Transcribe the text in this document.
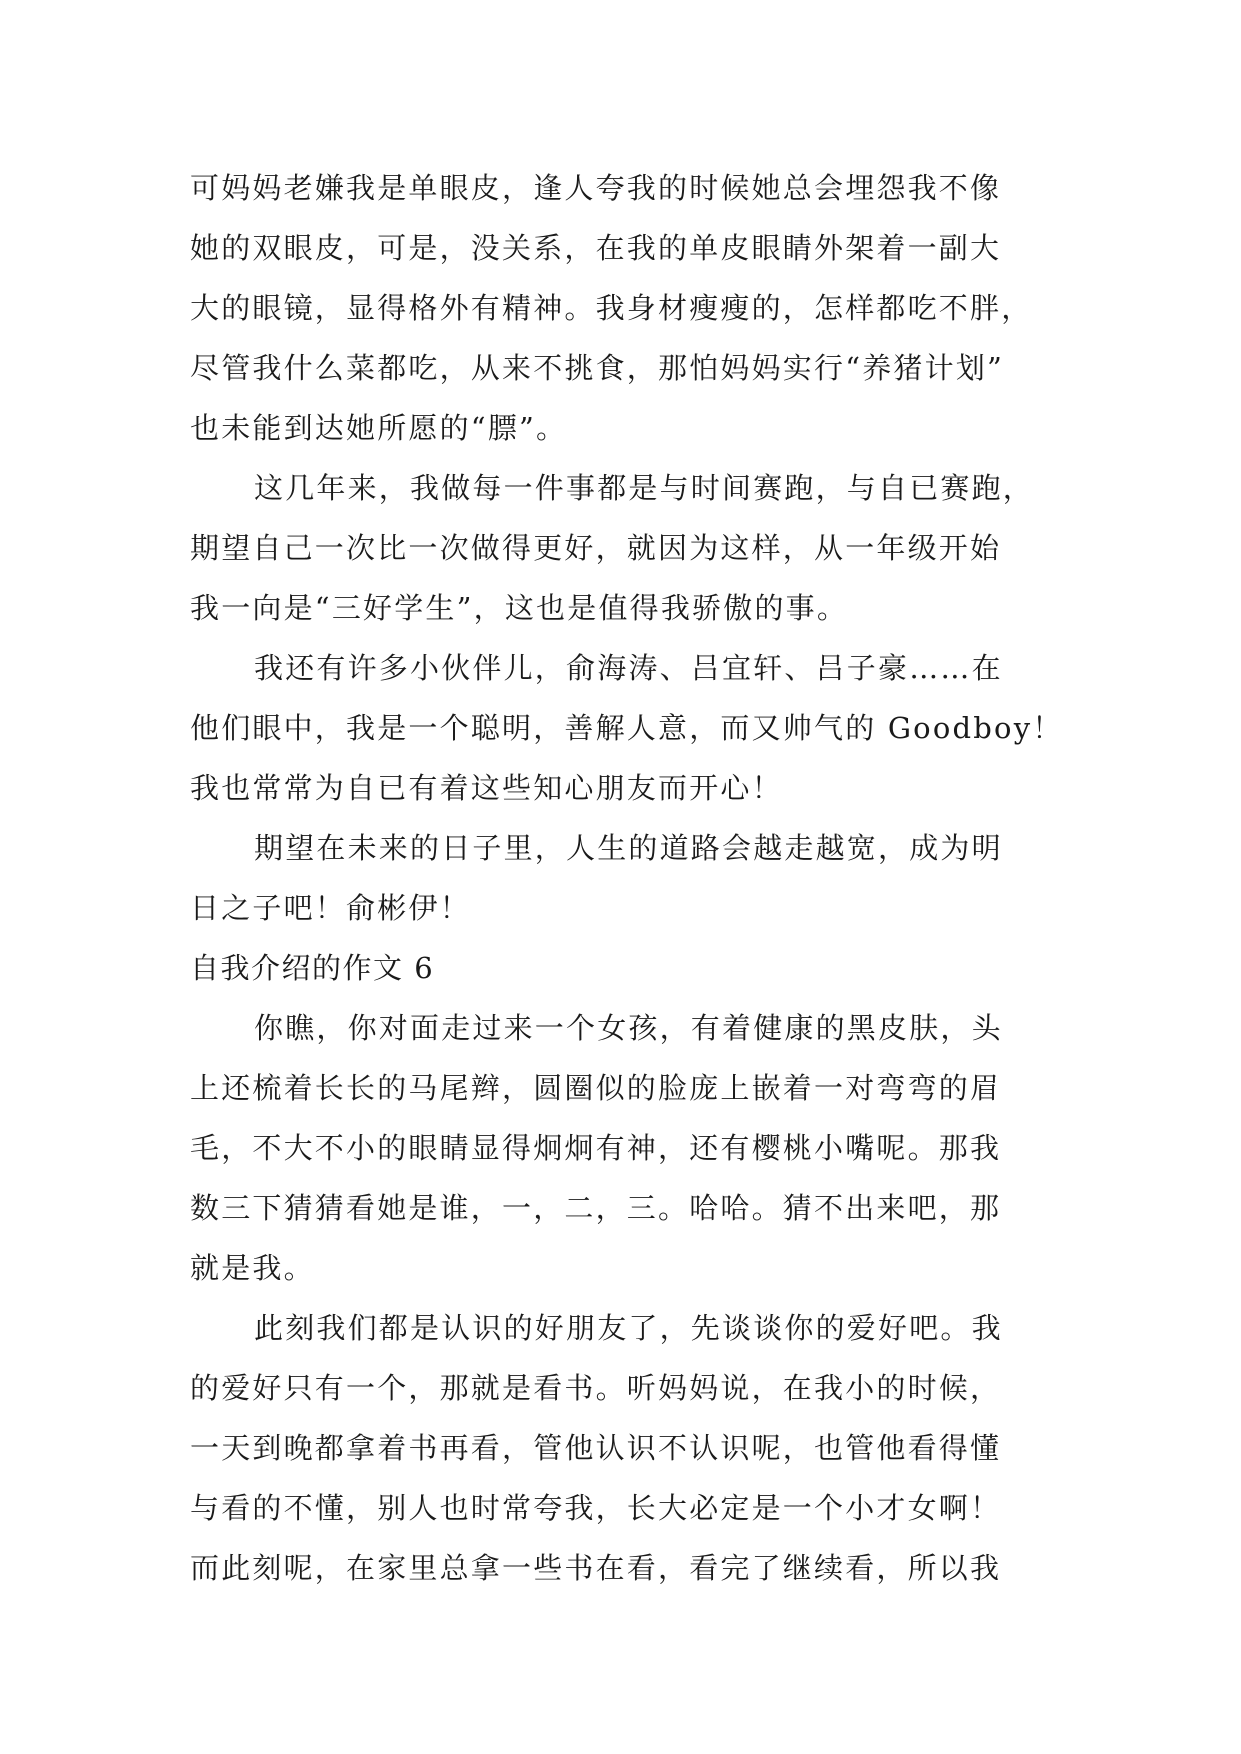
可妈妈老嫌我是单眼皮，逢人夸我的时候她总会埋怨我不像
她的双眼皮，可是，没关系，在我的单皮眼睛外架着一副大
大的眼镜，显得格外有精神。我身材瘦瘦的，怎样都吃不胖，
尽管我什么菜都吃，从来不挑食，那怕妈妈实行“养猪计划”
也未能到达她所愿的“膘”。
这几年来，我做每一件事都是与时间赛跑，与自已赛跑，
期望自己一次比一次做得更好，就因为这样，从一年级开始
我一向是“三好学生”，这也是值得我骄傲的事。
我还有许多小伙伴儿，俞海涛、吕宜轩、吕子豪……在
他们眼中，我是一个聪明，善解人意，而又帅气的 Goodboy！
我也常常为自已有着这些知心朋友而开心！
期望在未来的日子里，人生的道路会越走越宽，成为明
日之子吧！俞彬伊！
自我介绍的作文 6
你瞧，你对面走过来一个女孩，有着健康的黑皮肤，头
上还梳着长长的马尾辫，圆圈似的脸庞上嵌着一对弯弯的眉
毛，不大不小的眼睛显得炯炯有神，还有樱桃小嘴呢。那我
数三下猜猜看她是谁，一，二，三。哈哈。猜不出来吧，那
就是我。
此刻我们都是认识的好朋友了，先谈谈你的爱好吧。我
的爱好只有一个，那就是看书。听妈妈说，在我小的时候，
一天到晚都拿着书再看，管他认识不认识呢，也管他看得懂
与看的不懂，别人也时常夸我，长大必定是一个小才女啊！
而此刻呢，在家里总拿一些书在看，看完了继续看，所以我
